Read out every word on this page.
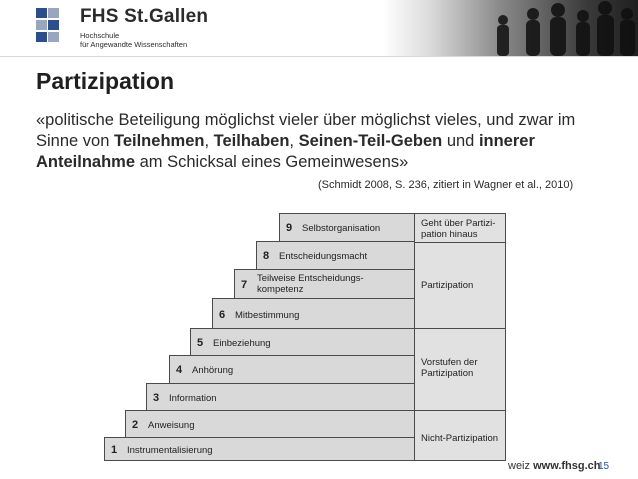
FHS St.Gallen
Hochschule
für Angewandte Wissenschaften
Partizipation
«politische Beteiligung möglichst vieler über möglichst vieles, und zwar im Sinne von Teilnehmen, Teilhaben, Seinen-Teil-Geben und innerer Anteilnahme am Schicksal eines Gemeinwesens»
(Schmidt 2008, S. 236, zitiert in Wagner et al., 2010)
1 Instrumentalisierung
2 Anweisung
3 Information
4 Anhörung
5 Einbeziehung
6 Mitbestimmung
7
Teilweise Entscheidungs-kompetenz
8 Entscheidungsmacht
9 Selbstorganisation	Geht über Partizi-pation hinaus
Partizipation
Vorstufen der Partizipation
Nicht-Partizipation
weiz www.fhsg.ch
15
